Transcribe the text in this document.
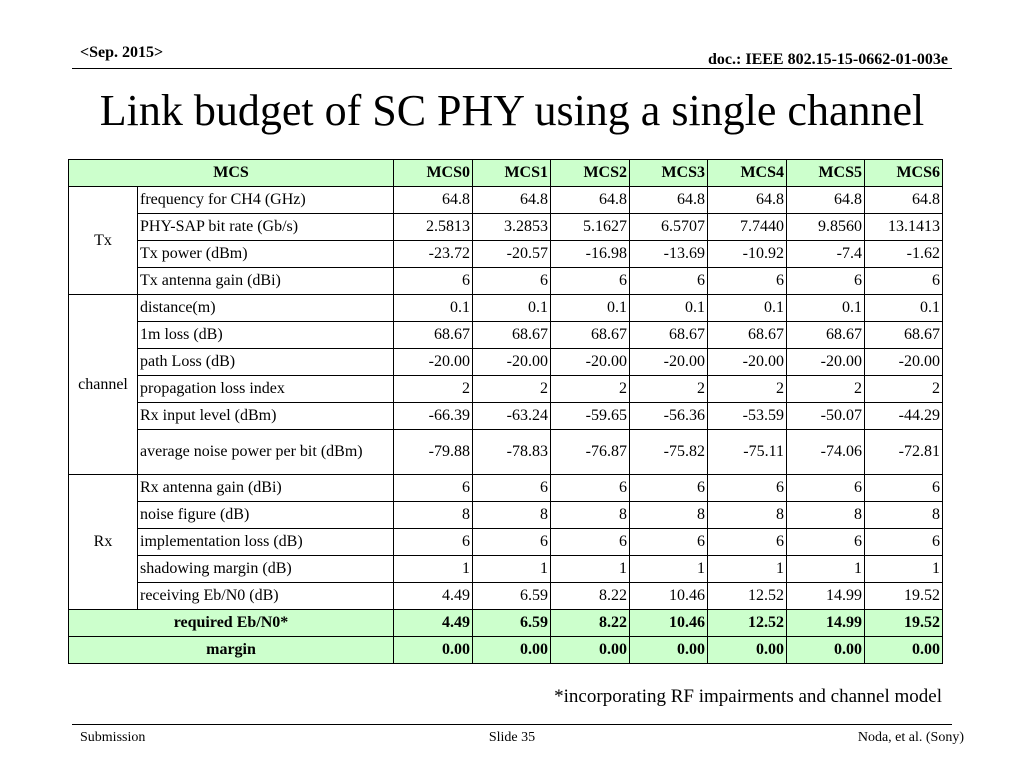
<Sep. 2015>	doc.: IEEE 802.15-15-0662-01-003e
Link budget of SC PHY using a single channel
MCS		MCS0	MCS1	MCS2	MCS3	MCS4	MCS5	MCS6
Tx	frequency for CH4 (GHz)	64.8	64.8	64.8	64.8	64.8	64.8	64.8
	PHY-SAP bit rate (Gb/s)	2.5813	3.2853	5.1627	6.5707	7.7440	9.8560	13.1413
	Tx power (dBm)	-23.72	-20.57	-16.98	-13.69	-10.92	-7.4	-1.62
	Tx antenna gain (dBi)	6	6	6	6	6	6	6
channel	distance(m)	0.1	0.1	0.1	0.1	0.1	0.1	0.1
	1m loss (dB)	68.67	68.67	68.67	68.67	68.67	68.67	68.67
	path Loss (dB)	-20.00	-20.00	-20.00	-20.00	-20.00	-20.00	-20.00
	propagation loss index	2	2	2	2	2	2	2
	Rx input level (dBm)	-66.39	-63.24	-59.65	-56.36	-53.59	-50.07	-44.29
	average noise power per bit (dBm)	-79.88	-78.83	-76.87	-75.82	-75.11	-74.06	-72.81
Rx	Rx antenna gain (dBi)	6	6	6	6	6	6	6
	noise figure (dB)	8	8	8	8	8	8	8
	implementation loss (dB)	6	6	6	6	6	6	6
	shadowing margin (dB)	1	1	1	1	1	1	1
	receiving Eb/N0 (dB)	4.49	6.59	8.22	10.46	12.52	14.99	19.52
required Eb/N0*		4.49	6.59	8.22	10.46	12.52	14.99	19.52
margin		0.00	0.00	0.00	0.00	0.00	0.00	0.00
*incorporating RF impairments and channel model
Submission	Slide 35	Noda, et al. (Sony)
